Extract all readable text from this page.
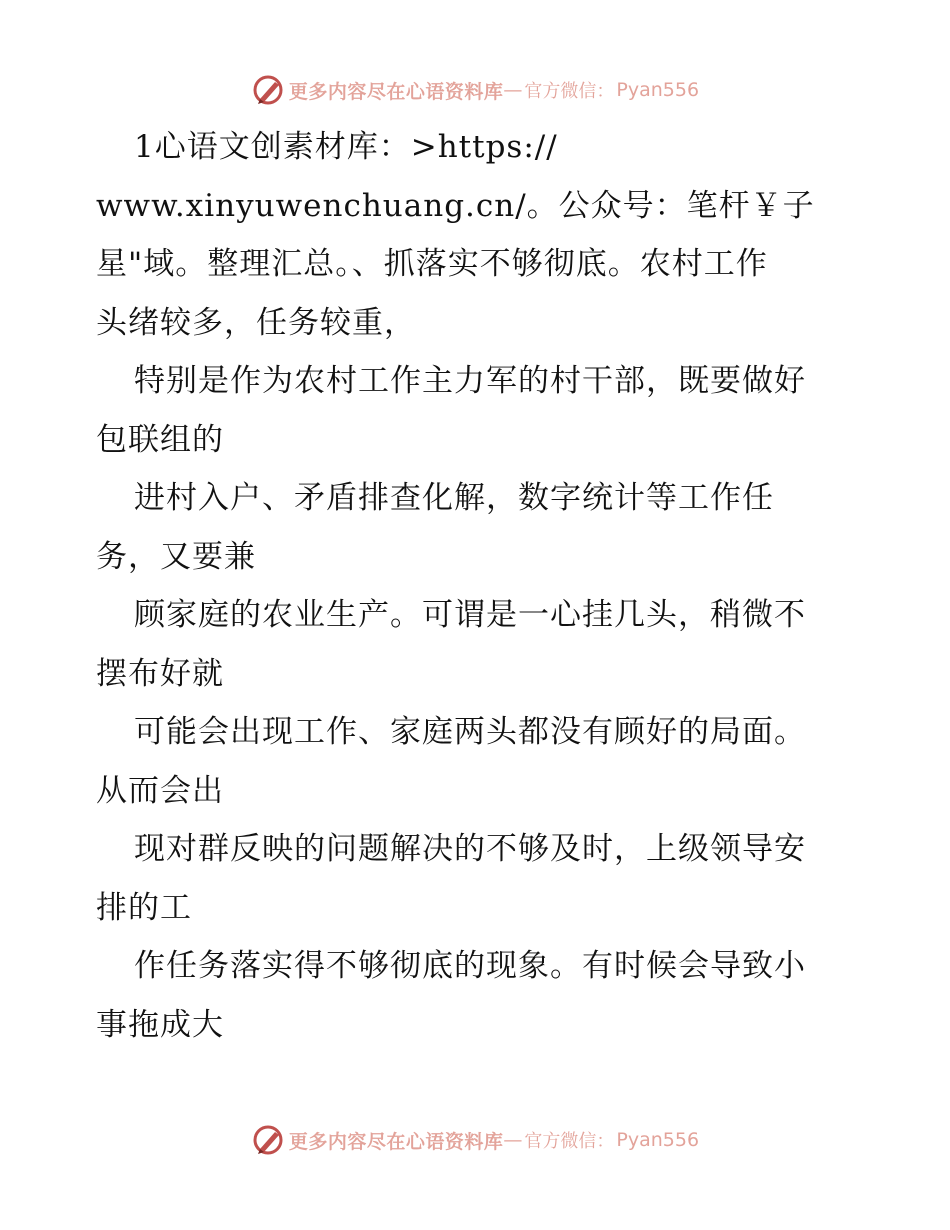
更多内容尽在心语资料库 — 官方微信： Pyan556
1心语文创素材库：>https://
www.xinyuwenchuang.cn/。公众号：笔杆￥子
星"域。整理汇总。、抓落实不够彻底。农村工作
头绪较多，任务较重，
特别是作为农村工作主力军的村干部，既要做好
包联组的
进村入户、矛盾排查化解，数字统计等工作任
务，又要兼
顾家庭的农业生产。可谓是一心挂几头，稍微不
摆布好就
可能会出现工作、家庭两头都没有顾好的局面。
从而会出
现对群反映的问题解决的不够及时，上级领导安
排的工
作任务落实得不够彻底的现象。有时候会导致小
事拖成大
更多内容尽在心语资料库 — 官方微信： Pyan556
